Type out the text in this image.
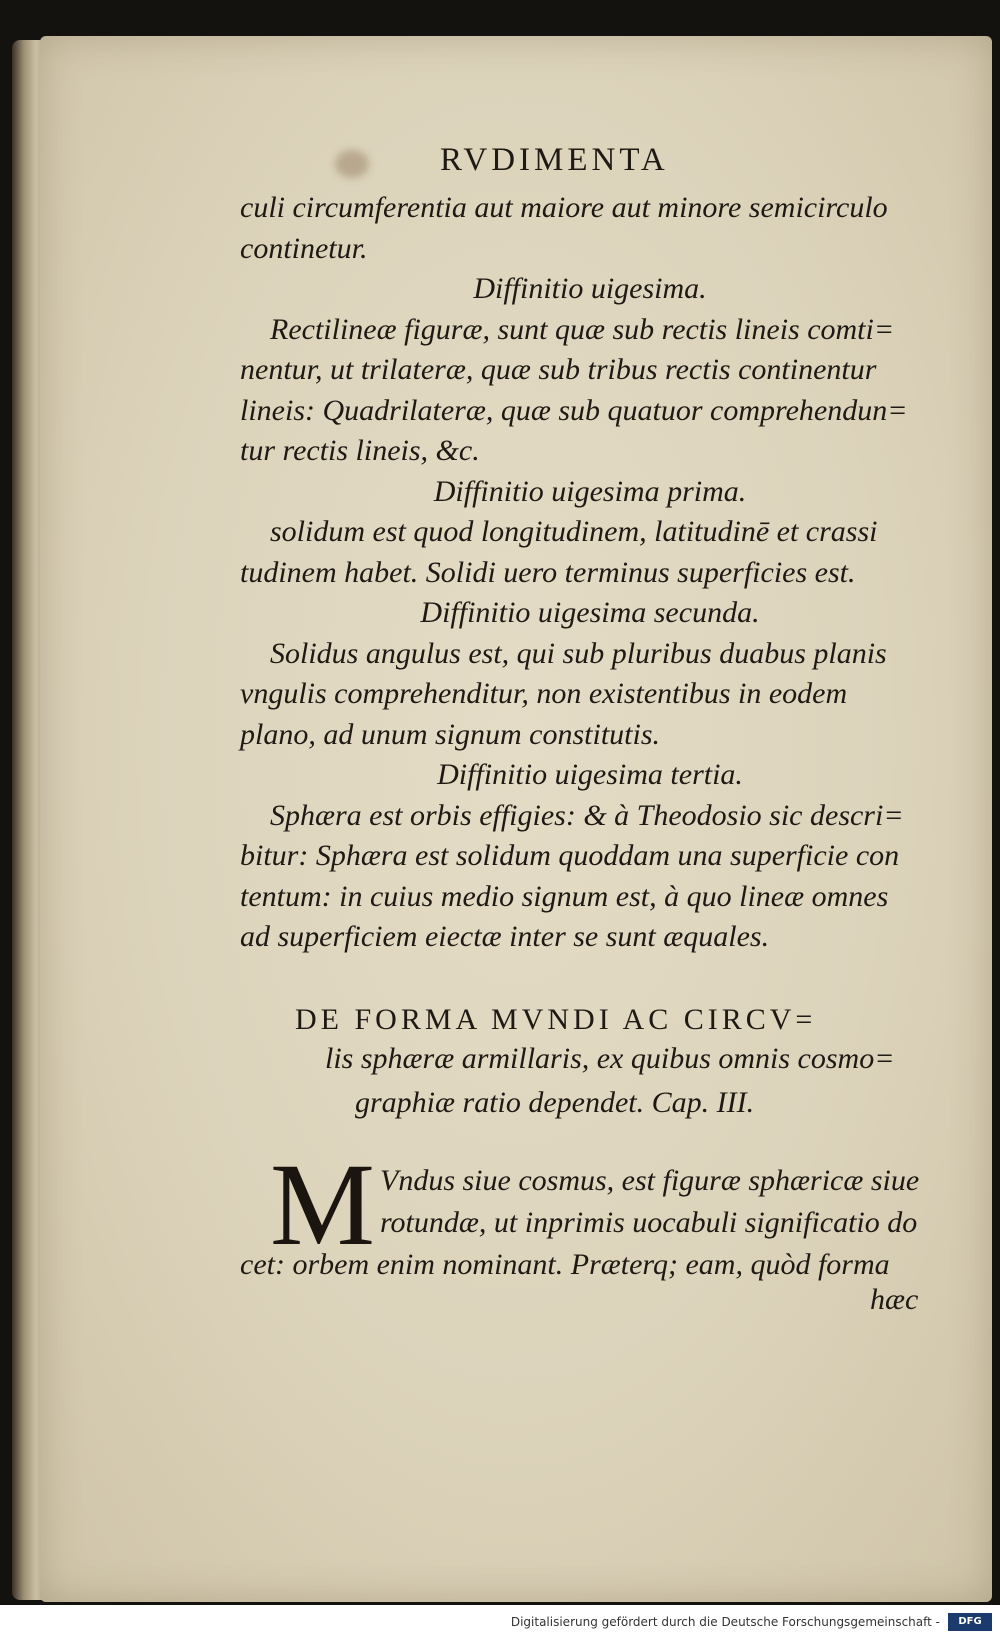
RVDIMENTA

culi circumferentia aut maiore aut minore semicirculo

continetur.

Diffinitio uigesima.

Rectilineæ figuræ, sunt quæ sub rectis lineis comti=

nentur, ut trilateræ, quæ sub tribus rectis continentur

lineis: Quadrilateræ, quæ sub quatuor comprehendun=

tur rectis lineis, &c.

Diffinitio uigesima prima.

solidum est quod longitudinem, latitudinē et crassi

tudinem habet. Solidi uero terminus superficies est.

Diffinitio uigesima secunda.

Solidus angulus est, qui sub pluribus duabus planis

vngulis comprehenditur, non existentibus in eodem

plano, ad unum signum constitutis.

Diffinitio uigesima tertia.

Sphæra est orbis effigies: & à Theodosio sic descri=

bitur: Sphæra est solidum quoddam una superficie con

tentum: in cuius medio signum est, à quo lineæ omnes

ad superficiem eiectæ inter se sunt æquales.

DE FORMA MVNDI AC CIRCV=
lis sphæræ armillaris, ex quibus omnis cosmo=
graphiæ ratio dependet. Cap. III.
M Vndus siue cosmus, est figuræ sphæricæ siue

rotundæ, ut inprimis uocabuli significatio do

cet: orbem enim nominant. Præterq; eam, quòd forma

hæc
Digitalisierung gefördert durch die Deutsche Forschungsgemeinschaft -	DFG
